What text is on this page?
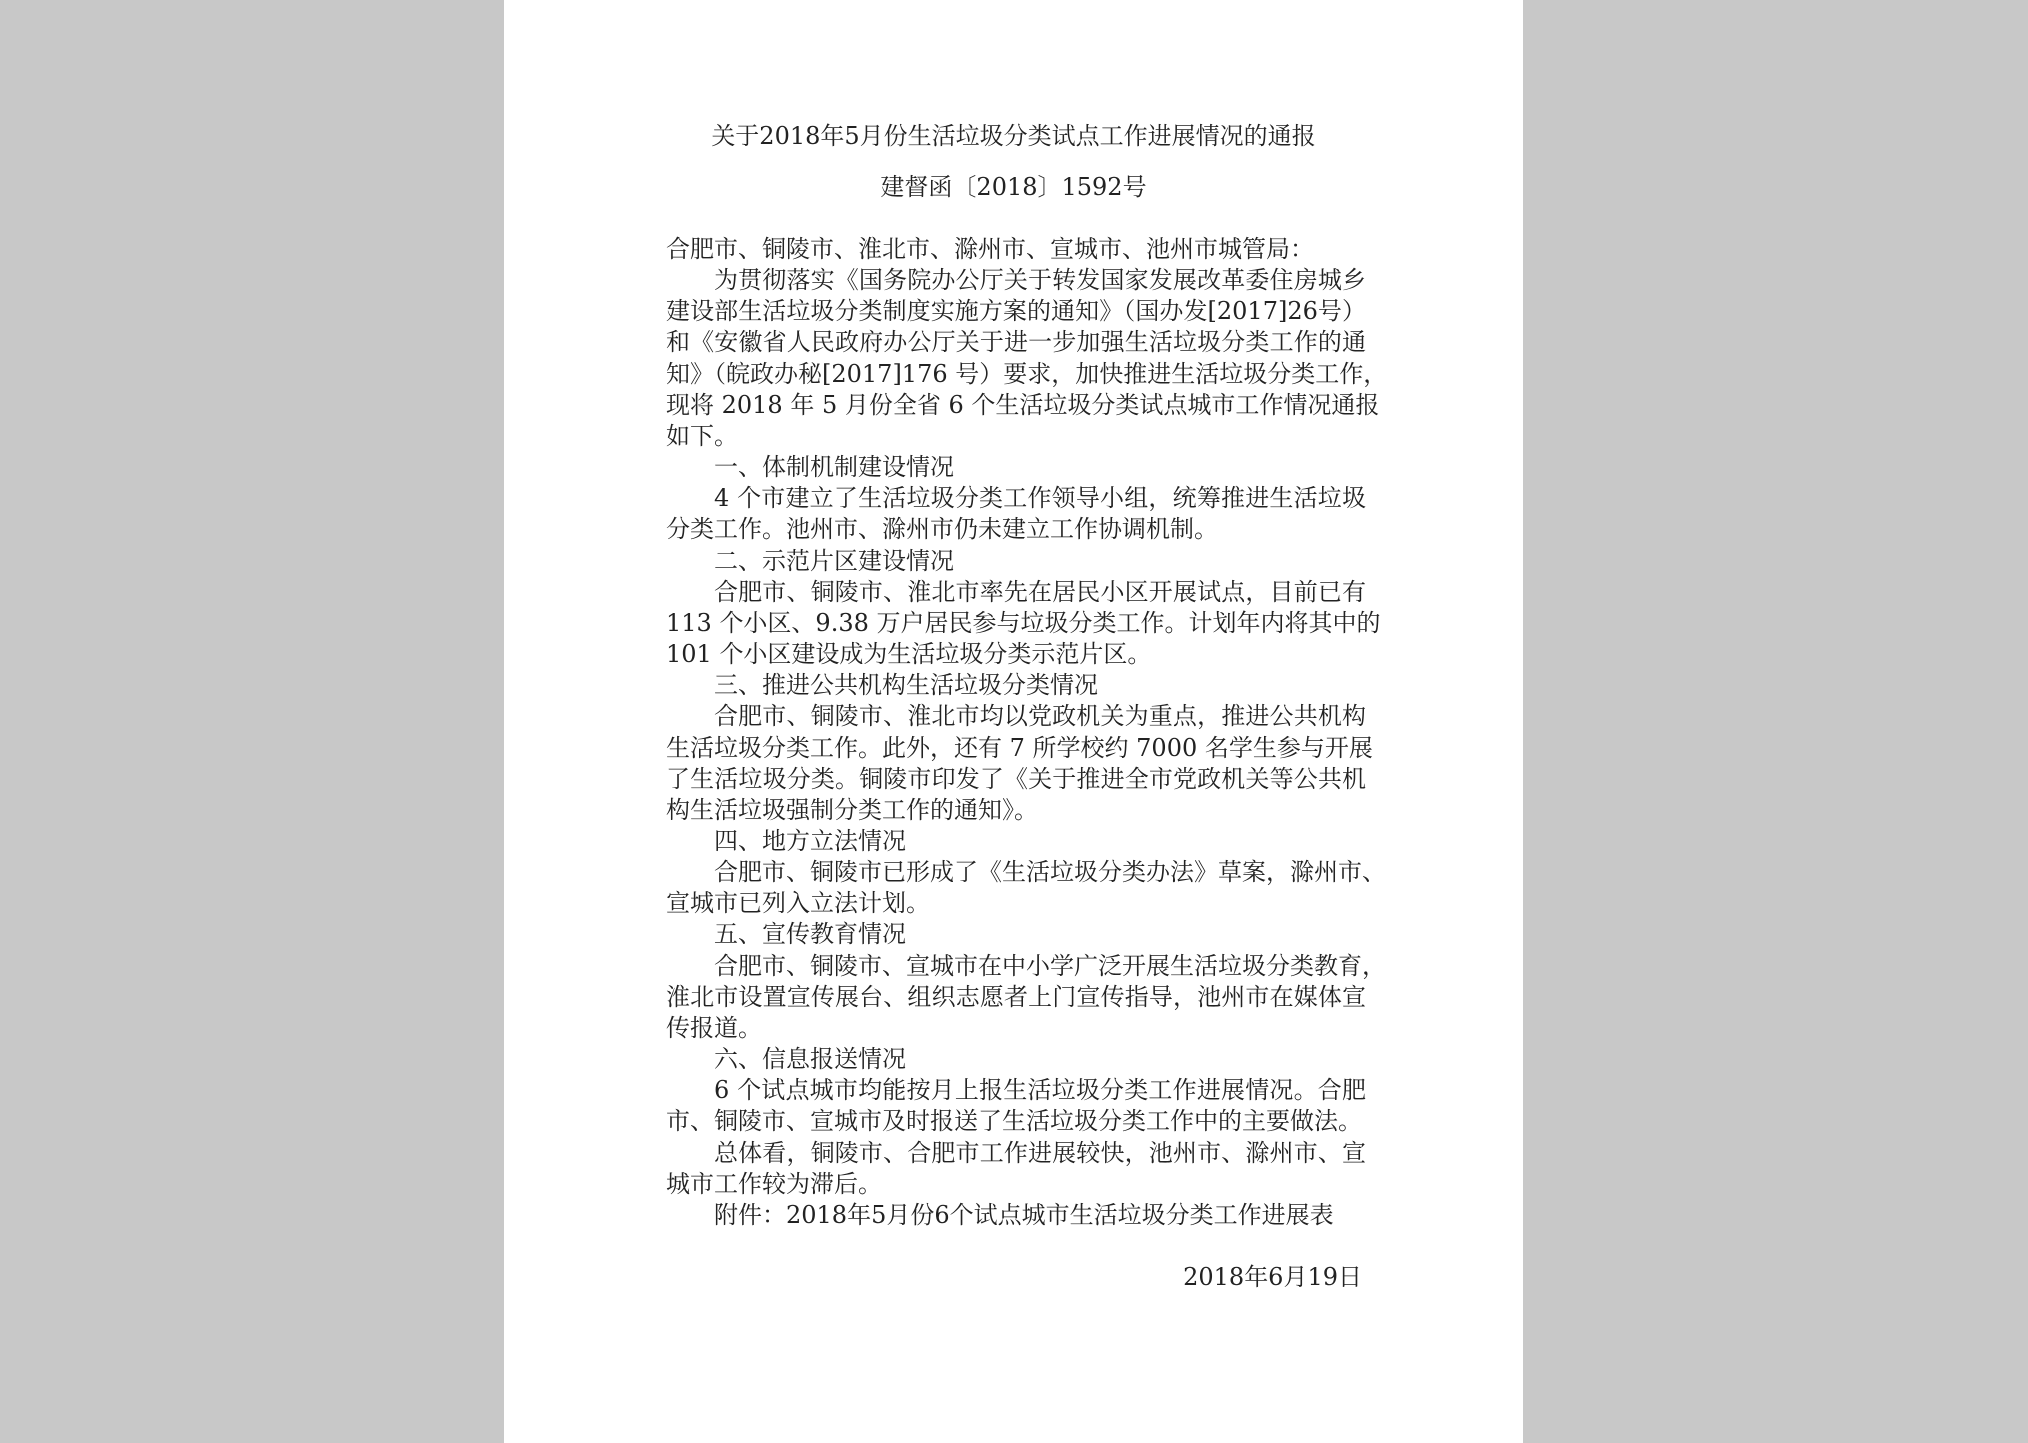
关于2018年5月份生活垃圾分类试点工作进展情况的通报
建督函〔2018〕1592号
合肥市、铜陵市、淮北市、滁州市、宣城市、池州市城管局：
为贯彻落实《国务院办公厅关于转发国家发展改革委住房城乡
建设部生活垃圾分类制度实施方案的通知》（国办发[2017]26号）
和《安徽省人民政府办公厅关于进一步加强生活垃圾分类工作的通
知》（皖政办秘[2017]176 号）要求，加快推进生活垃圾分类工作，
现将 2018 年 5 月份全省 6 个生活垃圾分类试点城市工作情况通报
如下。
一、体制机制建设情况
4 个市建立了生活垃圾分类工作领导小组，统筹推进生活垃圾
分类工作。池州市、滁州市仍未建立工作协调机制。
二、示范片区建设情况
合肥市、铜陵市、淮北市率先在居民小区开展试点，目前已有
113 个小区、9.38 万户居民参与垃圾分类工作。计划年内将其中的
101 个小区建设成为生活垃圾分类示范片区。
三、推进公共机构生活垃圾分类情况
合肥市、铜陵市、淮北市均以党政机关为重点，推进公共机构
生活垃圾分类工作。此外，还有 7 所学校约 7000 名学生参与开展
了生活垃圾分类。铜陵市印发了《关于推进全市党政机关等公共机
构生活垃圾强制分类工作的通知》。
四、地方立法情况
合肥市、铜陵市已形成了《生活垃圾分类办法》草案，滁州市、
宣城市已列入立法计划。
五、宣传教育情况
合肥市、铜陵市、宣城市在中小学广泛开展生活垃圾分类教育，
淮北市设置宣传展台、组织志愿者上门宣传指导，池州市在媒体宣
传报道。
六、信息报送情况
6 个试点城市均能按月上报生活垃圾分类工作进展情况。合肥
市、铜陵市、宣城市及时报送了生活垃圾分类工作中的主要做法。
总体看，铜陵市、合肥市工作进展较快，池州市、滁州市、宣
城市工作较为滞后。
附件：2018年5月份6个试点城市生活垃圾分类工作进展表
2018年6月19日
